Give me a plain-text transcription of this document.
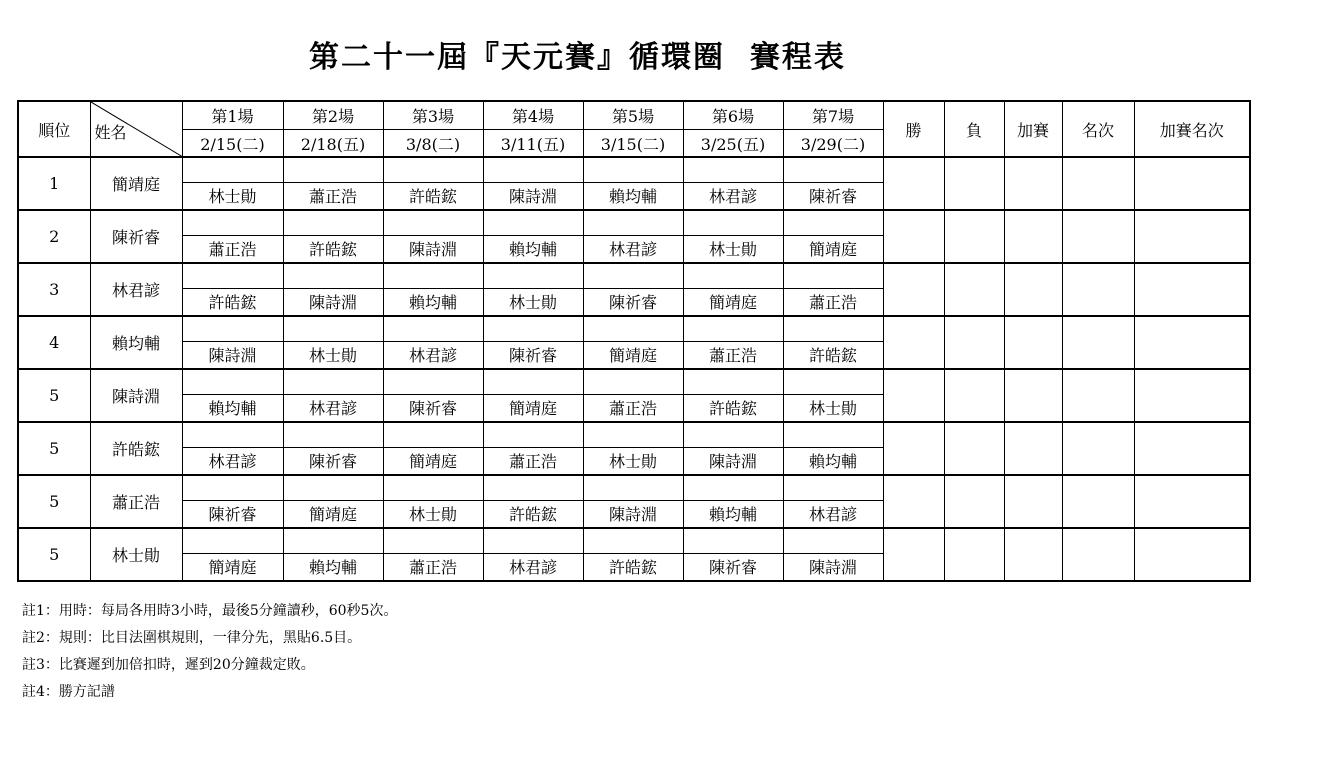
第二十一屆『天元賽』循環圈  賽程表
順位	姓名	第1場	第2場	第3場	第4場	第5場	第6場	第7場	勝	負	加賽	名次	加賽名次
		2/15(二)	2/18(五)	3/8(二)	3/11(五)	3/15(二)	3/25(五)	3/29(二)					
1	簡靖庭												
		林士勛	蕭正浩	許皓鋐	陳詩淵	賴均輔	林君諺	陳祈睿					
2	陳祈睿												
		蕭正浩	許皓鋐	陳詩淵	賴均輔	林君諺	林士勛	簡靖庭					
3	林君諺												
		許皓鋐	陳詩淵	賴均輔	林士勛	陳祈睿	簡靖庭	蕭正浩					
4	賴均輔												
		陳詩淵	林士勛	林君諺	陳祈睿	簡靖庭	蕭正浩	許皓鋐					
5	陳詩淵												
		賴均輔	林君諺	陳祈睿	簡靖庭	蕭正浩	許皓鋐	林士勛					
5	許皓鋐												
		林君諺	陳祈睿	簡靖庭	蕭正浩	林士勛	陳詩淵	賴均輔					
5	蕭正浩												
		陳祈睿	簡靖庭	林士勛	許皓鋐	陳詩淵	賴均輔	林君諺					
5	林士勛												
		簡靖庭	賴均輔	蕭正浩	林君諺	許皓鋐	陳祈睿	陳詩淵					
註1：用時：每局各用時3小時，最後5分鐘讀秒，60秒5次。
註2：規則：比目法圍棋規則，一律分先，黑貼6.5目。
註3：比賽遲到加倍扣時，遲到20分鐘裁定敗。
註4：勝方記譜
